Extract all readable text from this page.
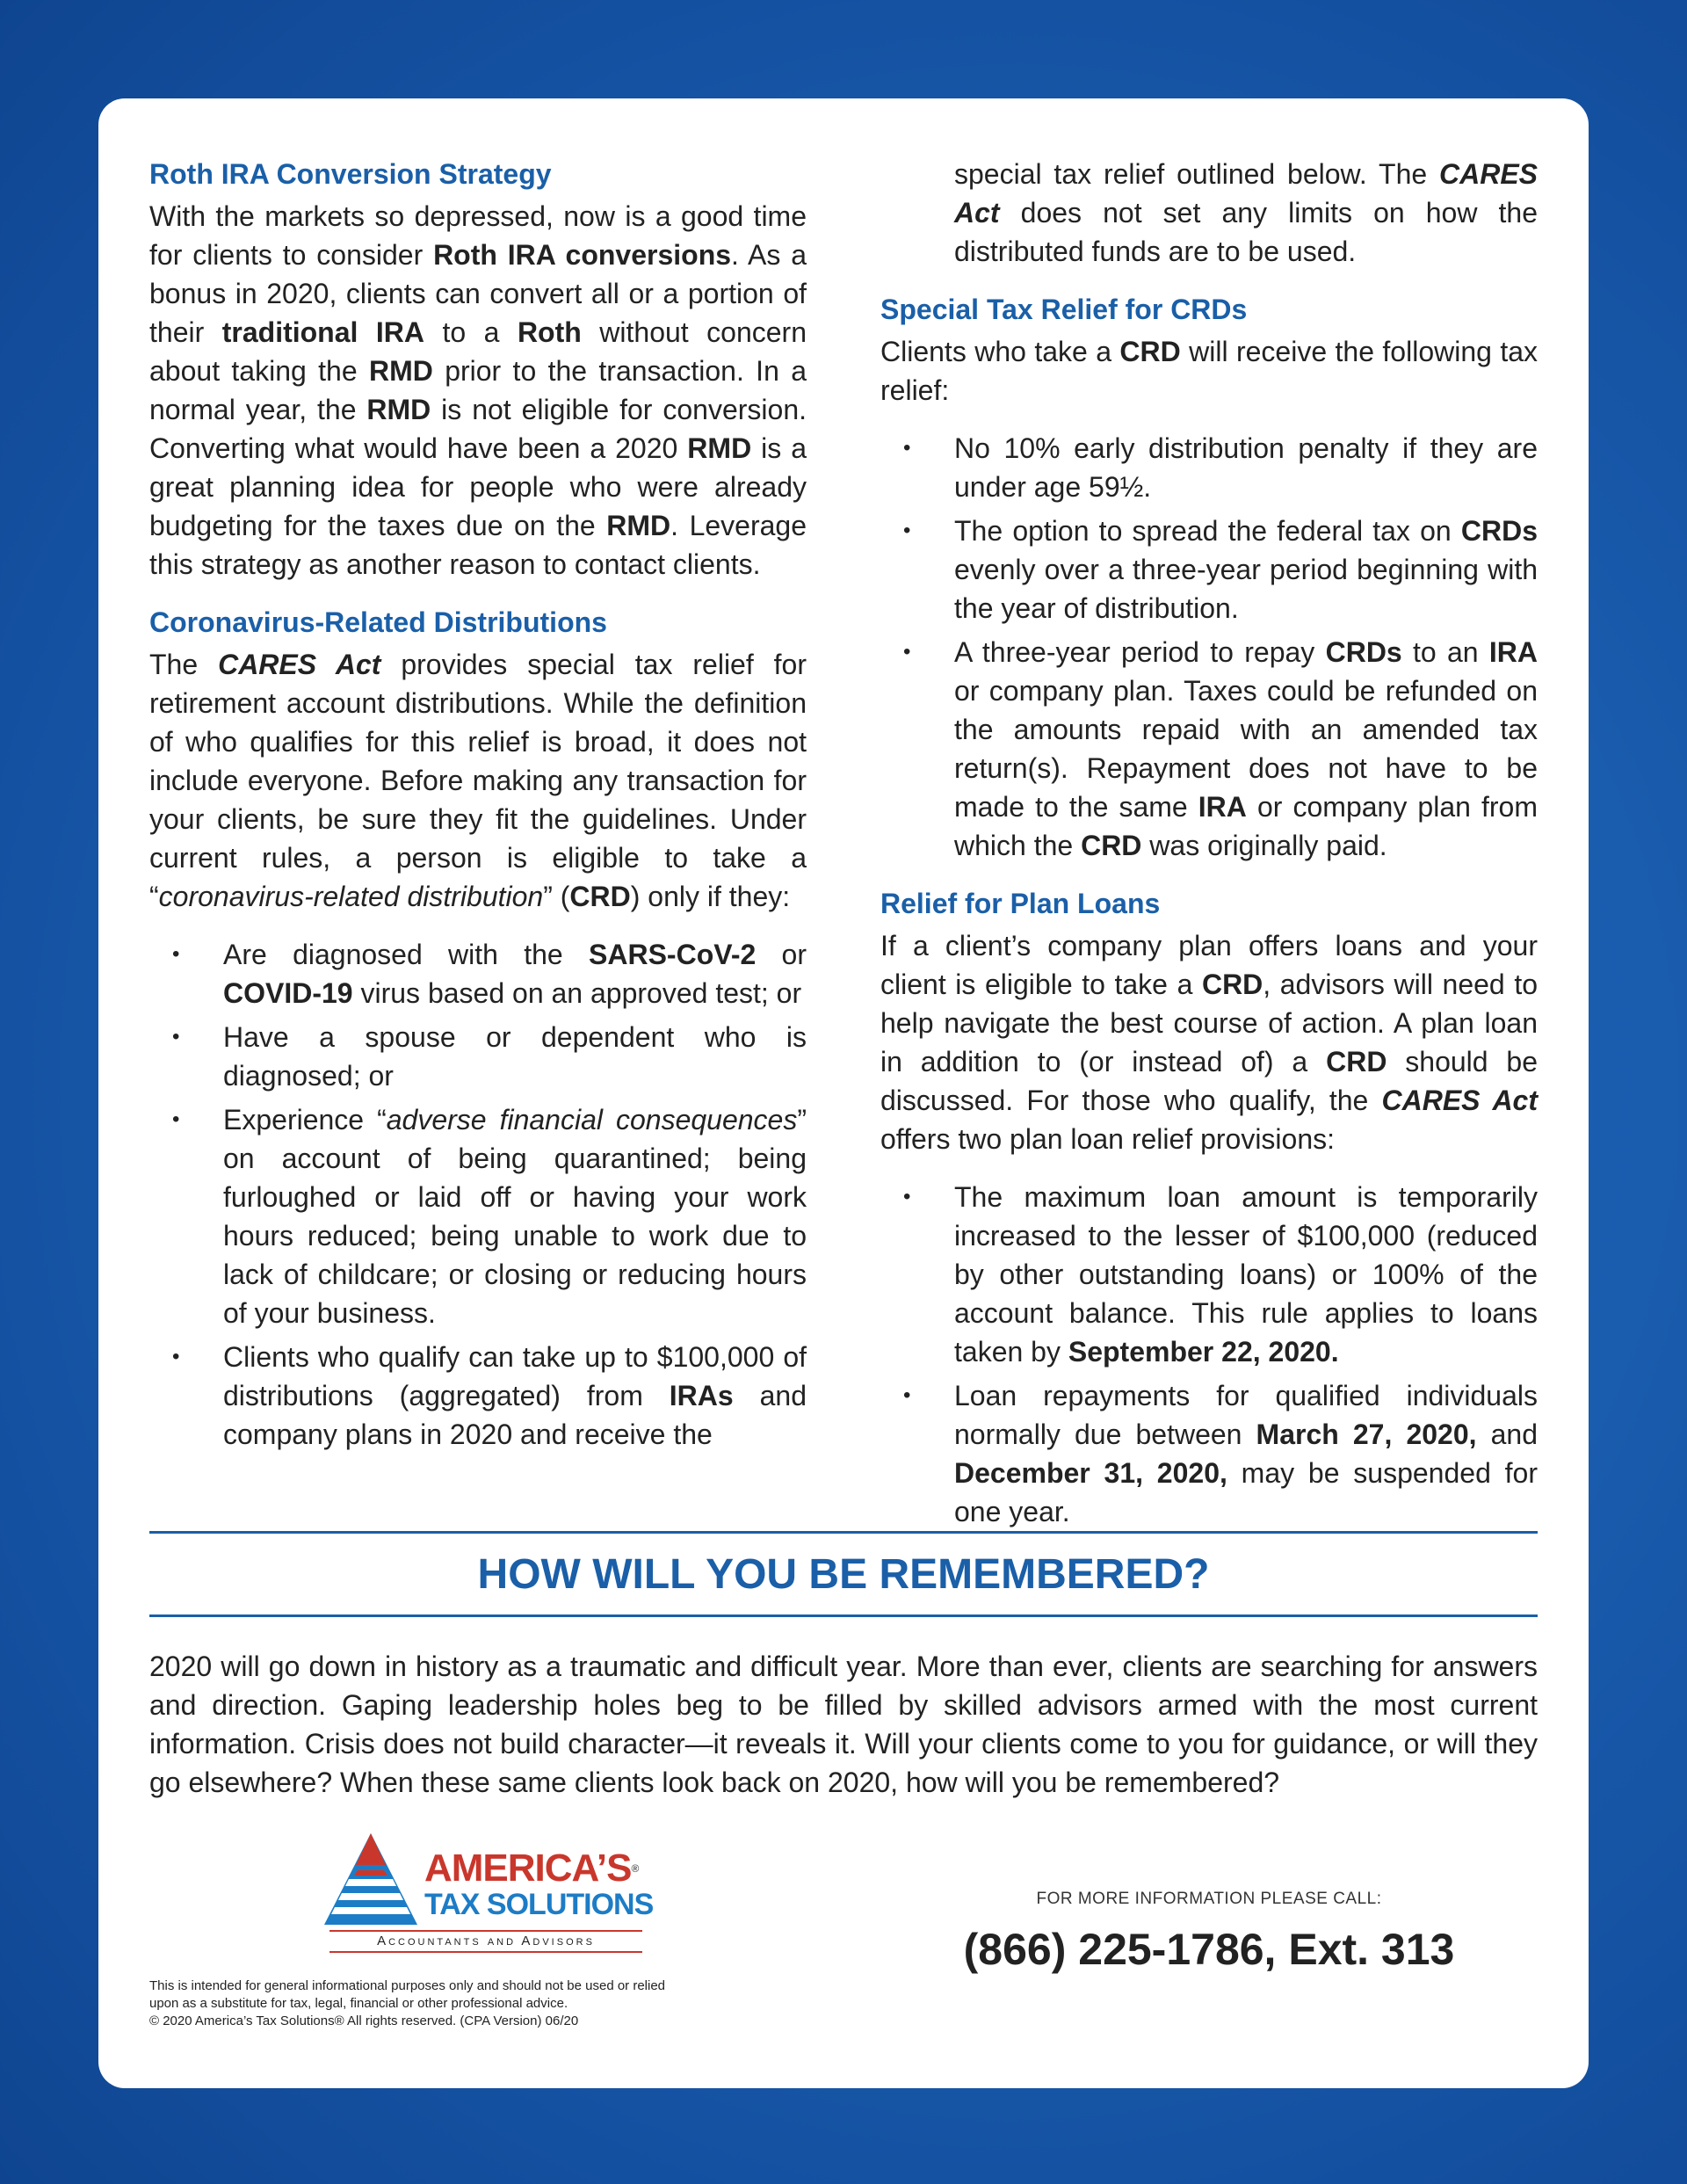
Roth IRA Conversion Strategy

With the markets so depressed, now is a good time for clients to consider Roth IRA conversions. As a bonus in 2020, clients can convert all or a portion of their traditional IRA to a Roth without concern about taking the RMD prior to the transaction. In a normal year, the RMD is not eligible for conversion. Converting what would have been a 2020 RMD is a great planning idea for people who were already budgeting for the taxes due on the RMD. Leverage this strategy as another reason to contact clients.

Coronavirus-Related Distributions

The CARES Act provides special tax relief for retirement account distributions. While the definition of who qualifies for this relief is broad, it does not include everyone. Before making any transaction for your clients, be sure they fit the guidelines. Under current rules, a person is eligible to take a “coronavirus-related distribution” (CRD) only if they:

• Are diagnosed with the SARS-CoV-2 or COVID-19 virus based on an approved test; or
• Have a spouse or dependent who is diagnosed; or
• Experience “adverse financial consequences” on account of being quarantined; being furloughed or laid off or having your work hours reduced; being unable to work due to lack of childcare; or closing or reducing hours of your business.
• Clients who qualify can take up to $100,000 of distributions (aggregated) from IRAs and company plans in 2020 and receive the

special tax relief outlined below. The CARES Act does not set any limits on how the distributed funds are to be used.

Special Tax Relief for CRDs

Clients who take a CRD will receive the following tax relief:

• No 10% early distribution penalty if they are under age 59½.
• The option to spread the federal tax on CRDs evenly over a three-year period beginning with the year of distribution.
• A three-year period to repay CRDs to an IRA or company plan. Taxes could be refunded on the amounts repaid with an amended tax return(s). Repayment does not have to be made to the same IRA or company plan from which the CRD was originally paid.
Relief for Plan Loans

If a client’s company plan offers loans and your client is eligible to take a CRD, advisors will need to help navigate the best course of action. A plan loan in addition to (or instead of) a CRD should be discussed. For those who qualify, the CARES Act offers two plan loan relief provisions:

• The maximum loan amount is temporarily increased to the lesser of $100,000 (reduced by other outstanding loans) or 100% of the account balance. This rule applies to loans taken by September 22, 2020.
• Loan repayments for qualified individuals normally due between March 27, 2020, and December 31, 2020, may be suspended for one year.
HOW WILL YOU BE REMEMBERED?
2020 will go down in history as a traumatic and difficult year. More than ever, clients are searching for answers and direction. Gaping leadership holes beg to be filled by skilled advisors armed with the most current information. Crisis does not build character—it reveals it. Will your clients come to you for guidance, or will they go elsewhere? When these same clients look back on 2020, how will you be remembered?
AMERICA’S®
TAX SOLUTIONS
Accountants and Advisors
This is intended for general informational purposes only and should not be used or relied
upon as a substitute for tax, legal, financial or other professional advice.
© 2020 America’s Tax Solutions® All rights reserved. (CPA Version) 06/20
FOR MORE INFORMATION PLEASE CALL:
(866) 225-1786, Ext. 313
